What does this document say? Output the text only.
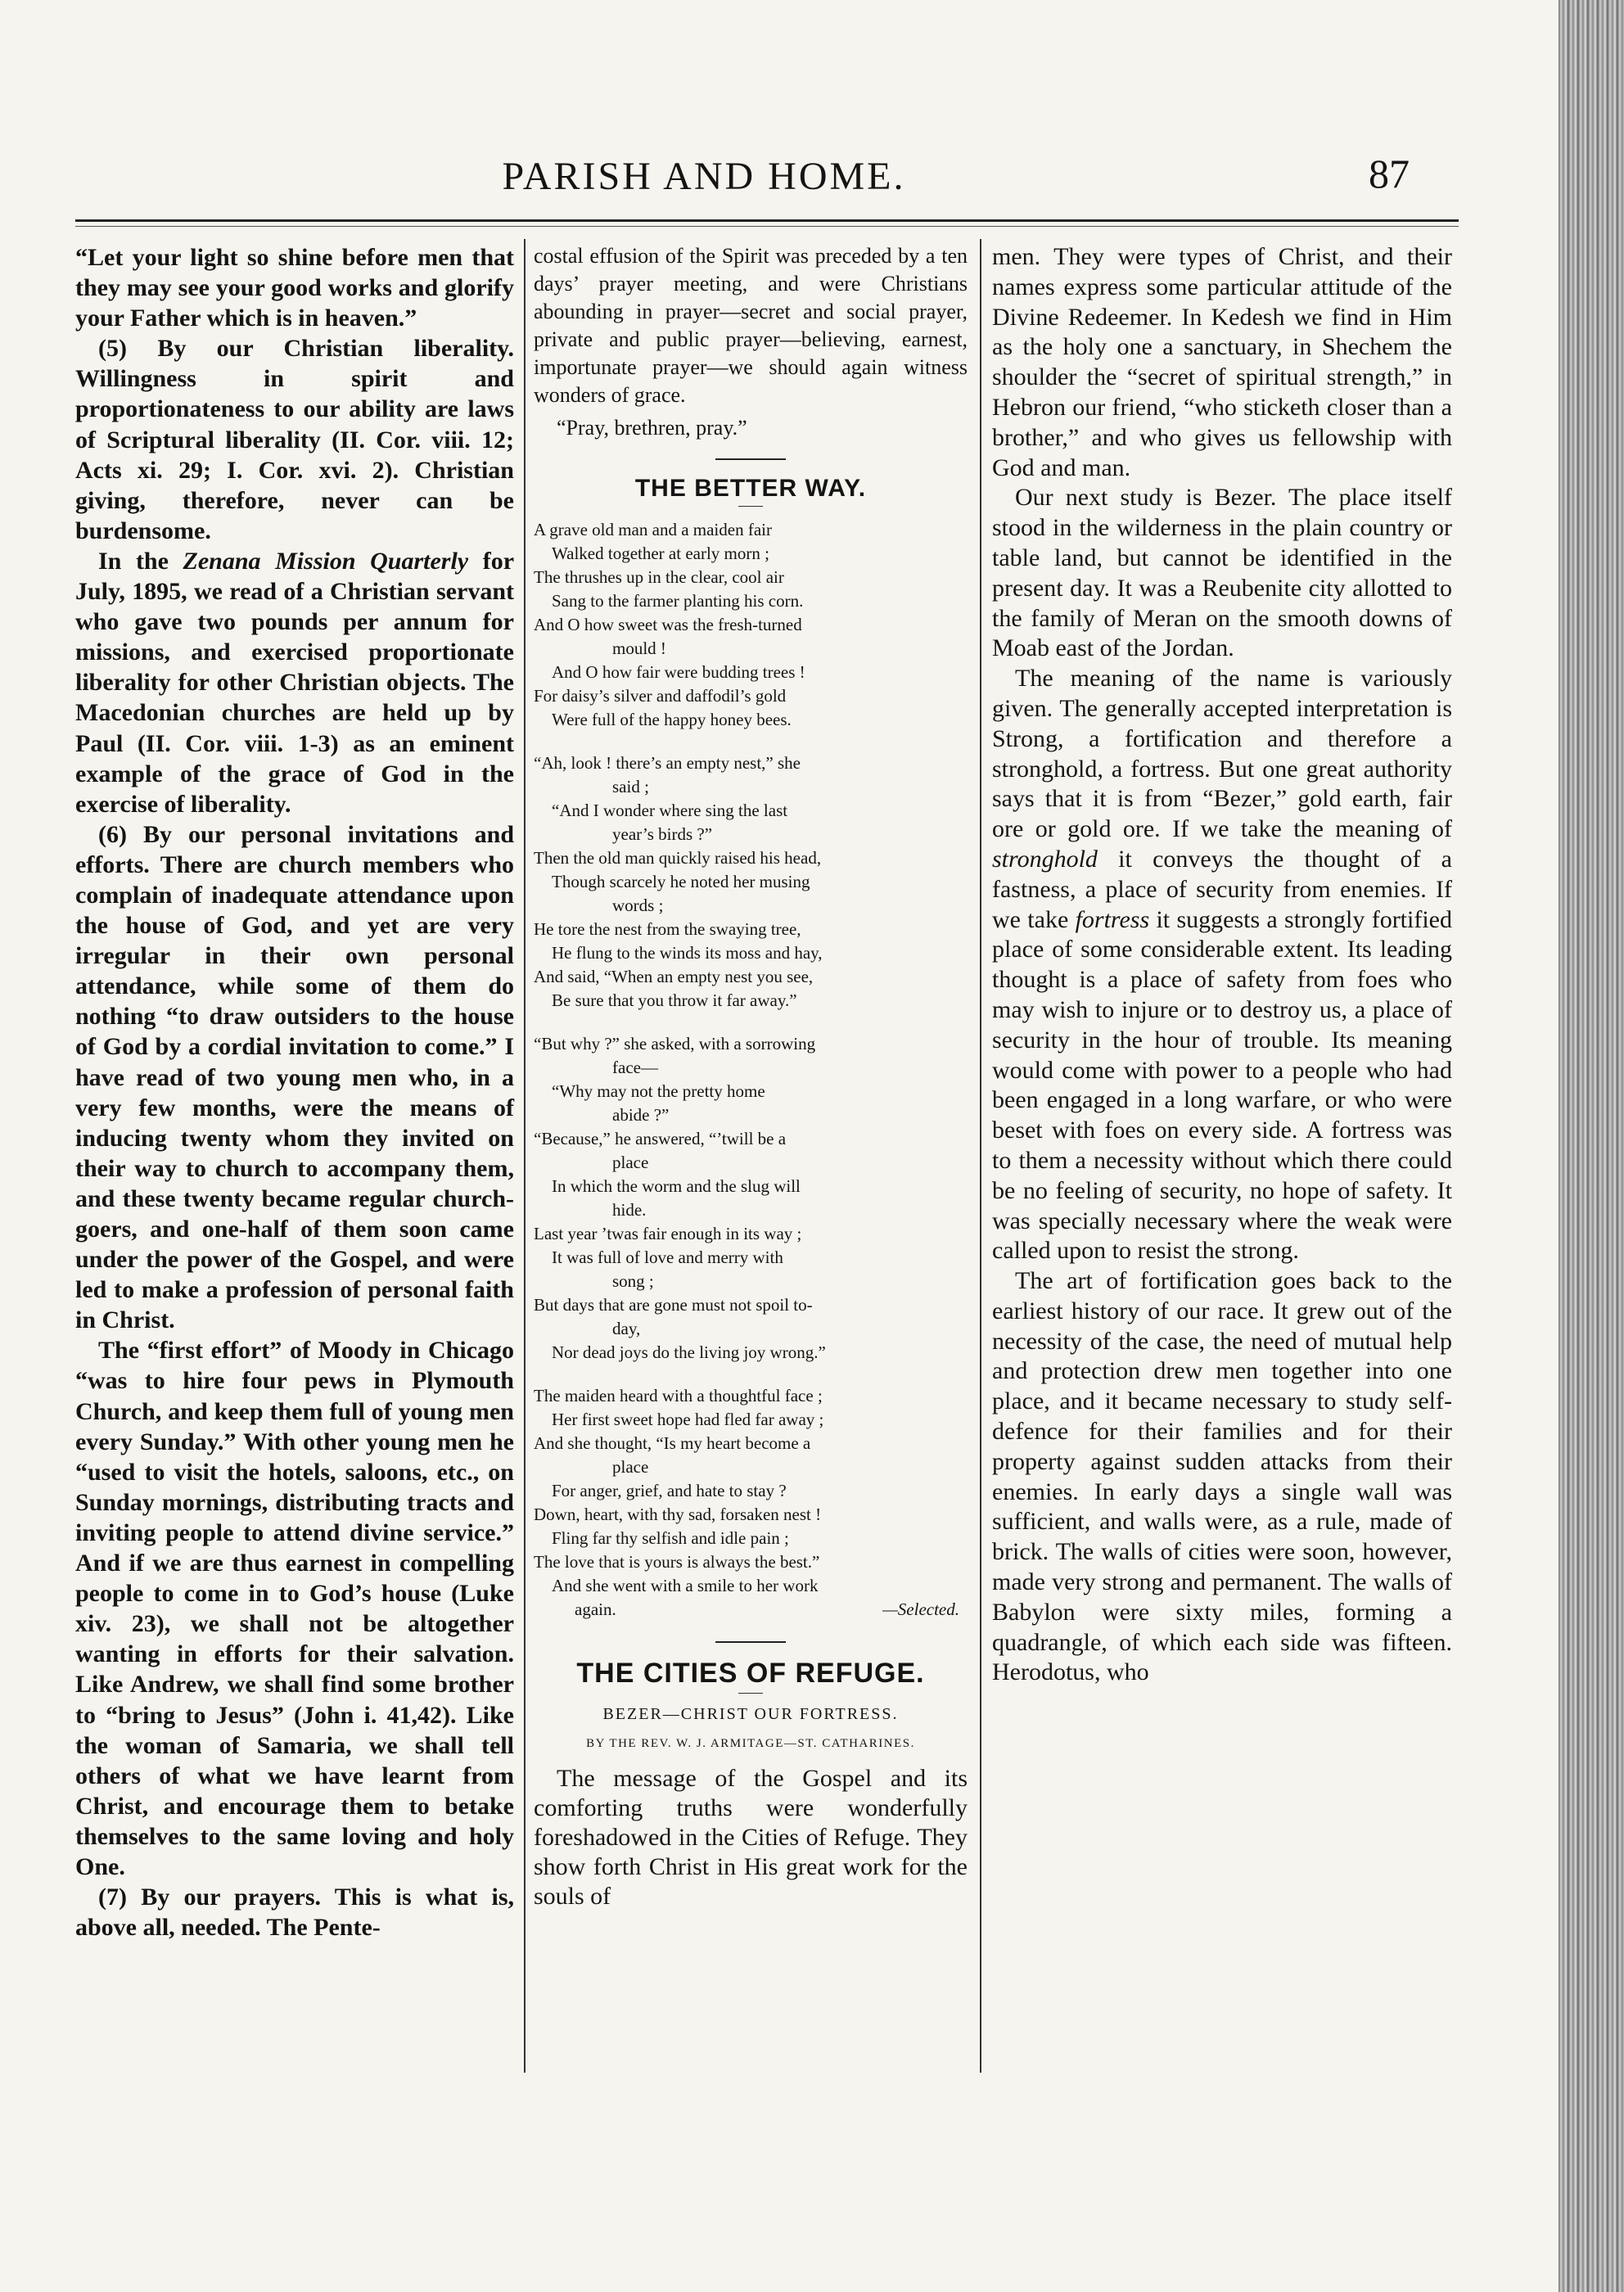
PARISH AND HOME.	87

“Let your light so shine before men that they may see your good works and glorify your Father which is in heaven.”

(5) By our Christian liberality. Willingness in spirit and proportionateness to our ability are laws of Scriptural liberality (II. Cor. viii. 12; Acts xi. 29; I. Cor. xvi. 2). Christian giving, therefore, never can be burdensome.

In the Zenana Mission Quarterly for July, 1895, we read of a Christian servant who gave two pounds per annum for missions, and exercised proportionate liberality for other Christian objects. The Macedonian churches are held up by Paul (II. Cor. viii. 1-3) as an eminent example of the grace of God in the exercise of liberality.

(6) By our personal invitations and efforts. There are church members who complain of inadequate attendance upon the house of God, and yet are very irregular in their own personal attendance, while some of them do nothing “to draw outsiders to the house of God by a cordial invitation to come.” I have read of two young men who, in a very few months, were the means of inducing twenty whom they invited on their way to church to accompany them, and these twenty became regular church-goers, and one-half of them soon came under the power of the Gospel, and were led to make a profession of personal faith in Christ.

The “first effort” of Moody in Chicago “was to hire four pews in Plymouth Church, and keep them full of young men every Sunday.” With other young men he “used to visit the hotels, saloons, etc., on Sunday mornings, distributing tracts and inviting people to attend divine service.” And if we are thus earnest in compelling people to come in to God’s house (Luke xiv. 23), we shall not be altogether wanting in efforts for their salvation. Like Andrew, we shall find some brother to “bring to Jesus” (John i. 41,42). Like the woman of Samaria, we shall tell others of what we have learnt from Christ, and encourage them to betake themselves to the same loving and holy One.

(7) By our prayers. This is what is, above all, needed. The Pente-

costal effusion of the Spirit was preceded by a ten days’ prayer meeting, and were Christians abounding in prayer—secret and social prayer, private and public prayer—believing, earnest, importunate prayer—we should again witness wonders of grace.

“Pray, brethren, pray.”

THE BETTER WAY.
A grave old man and a maiden fair
Walked together at early morn ;
The thrushes up in the clear, cool air
Sang to the farmer planting his corn.
And O how sweet was the fresh-turned
mould !
And O how fair were budding trees !
For daisy’s silver and daffodil’s gold
Were full of the happy honey bees.
“Ah, look ! there’s an empty nest,” she
said ;
“And I wonder where sing the last
year’s birds ?”
Then the old man quickly raised his head,
Though scarcely he noted her musing
words ;
He tore the nest from the swaying tree,
He flung to the winds its moss and hay,
And said, “When an empty nest you see,
Be sure that you throw it far away.”
“But why ?” she asked, with a sorrowing
face—
“Why may not the pretty home
abide ?”
“Because,” he answered, “’twill be a
place
In which the worm and the slug will
hide.
Last year ’twas fair enough in its way ;
It was full of love and merry with
song ;
But days that are gone must not spoil to-
day,
Nor dead joys do the living joy wrong.”
The maiden heard with a thoughtful face ;
Her first sweet hope had fled far away ;
And she thought, “Is my heart become a
place
For anger, grief, and hate to stay ?
Down, heart, with thy sad, forsaken nest !
Fling far thy selfish and idle pain ;
The love that is yours is always the best.”
And she went with a smile to her work
again.	—Selected.
THE CITIES OF REFUGE.
BEZER—CHRIST OUR FORTRESS.
BY THE REV. W. J. ARMITAGE—ST. CATHARINES.

The message of the Gospel and its comforting truths were wonderfully foreshadowed in the Cities of Refuge. They show forth Christ in His great work for the souls of

men. They were types of Christ, and their names express some particular attitude of the Divine Redeemer. In Kedesh we find in Him as the holy one a sanctuary, in Shechem the shoulder the “secret of spiritual strength,” in Hebron our friend, “who sticketh closer than a brother,” and who gives us fellowship with God and man.

Our next study is Bezer. The place itself stood in the wilderness in the plain country or table land, but cannot be identified in the present day. It was a Reubenite city allotted to the family of Meran on the smooth downs of Moab east of the Jordan.

The meaning of the name is variously given. The generally accepted interpretation is Strong, a fortification and therefore a stronghold, a fortress. But one great authority says that it is from “Bezer,” gold earth, fair ore or gold ore. If we take the meaning of stronghold it conveys the thought of a fastness, a place of security from enemies. If we take fortress it suggests a strongly fortified place of some considerable extent. Its leading thought is a place of safety from foes who may wish to injure or to destroy us, a place of security in the hour of trouble. Its meaning would come with power to a people who had been engaged in a long warfare, or who were beset with foes on every side. A fortress was to them a necessity without which there could be no feeling of security, no hope of safety. It was specially necessary where the weak were called upon to resist the strong.

The art of fortification goes back to the earliest history of our race. It grew out of the necessity of the case, the need of mutual help and protection drew men together into one place, and it became necessary to study self-defence for their families and for their property against sudden attacks from their enemies. In early days a single wall was sufficient, and walls were, as a rule, made of brick. The walls of cities were soon, however, made very strong and permanent. The walls of Babylon were sixty miles, forming a quadrangle, of which each side was fifteen. Herodotus, who
